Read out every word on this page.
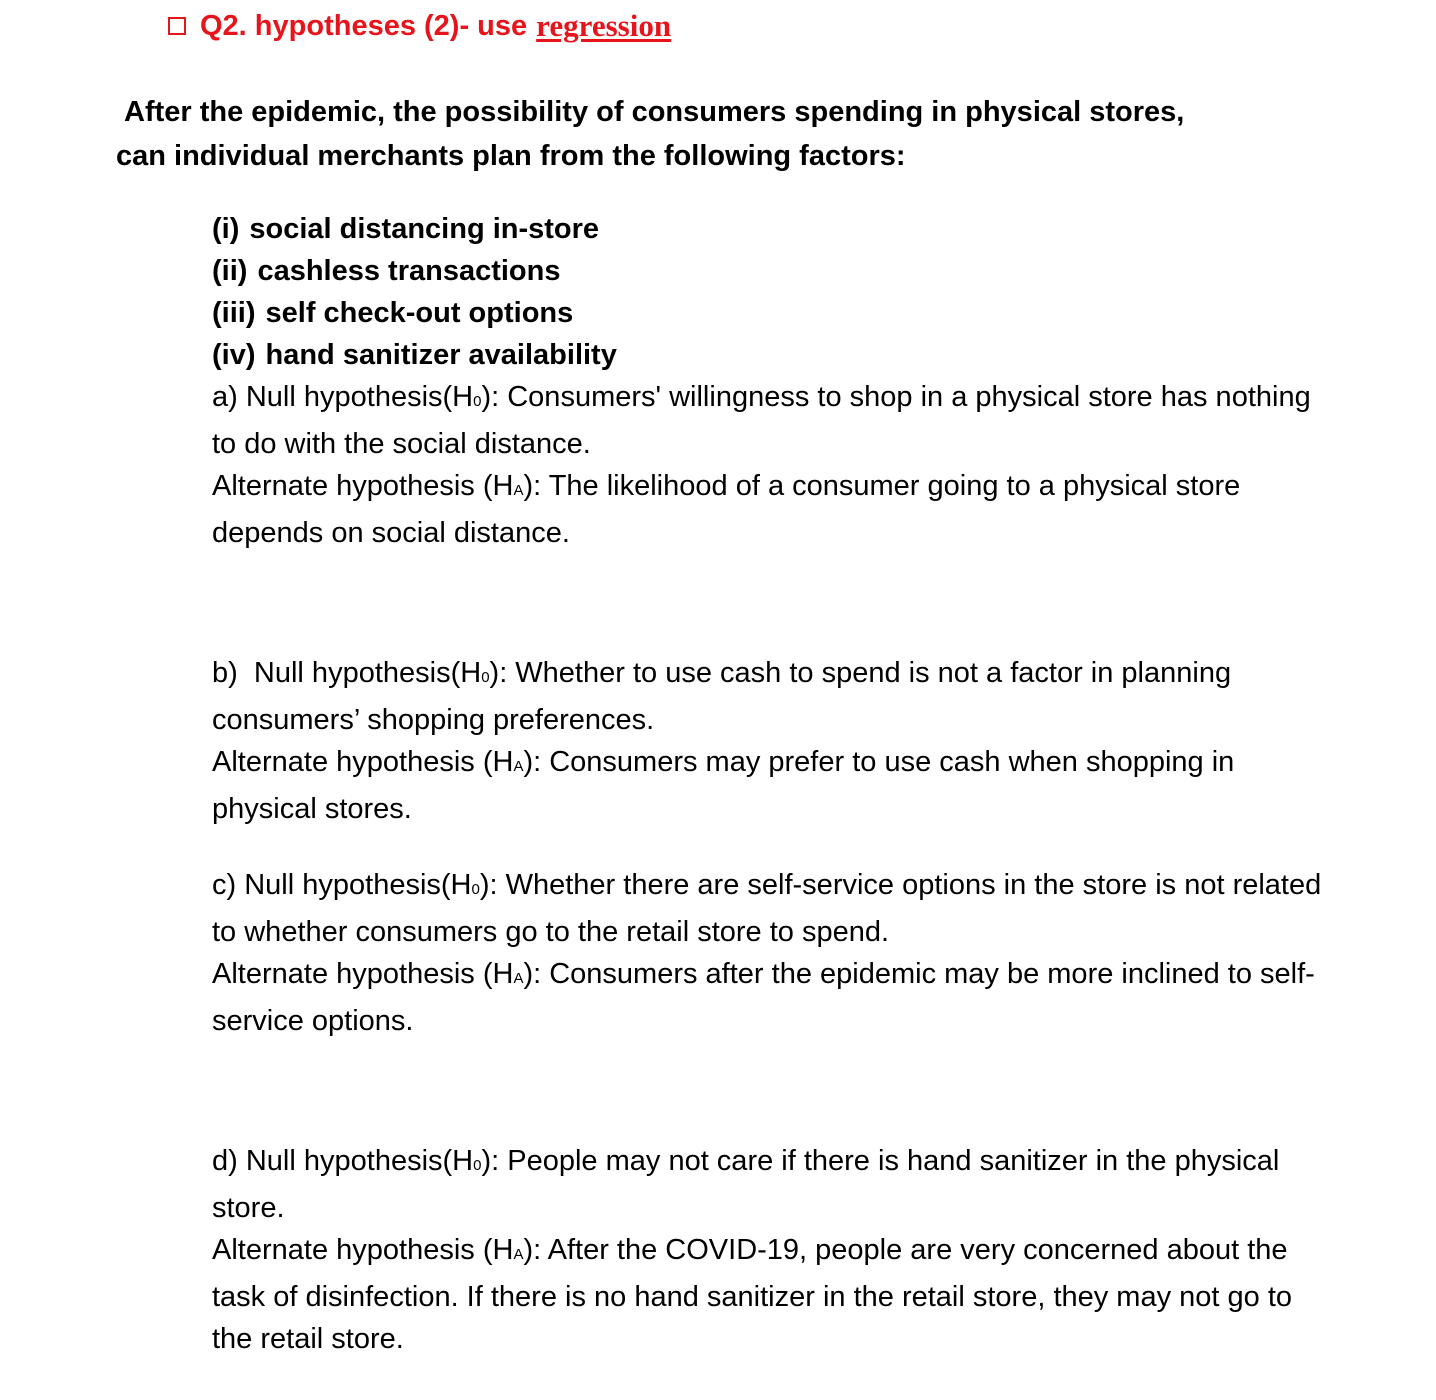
Q2. hypotheses (2)- use regression
After the epidemic, the possibility of consumers spending in physical stores,
can individual merchants plan from the following factors:
(i) social distancing in-store
(ii) cashless transactions
(iii) self check-out options
(iv) hand sanitizer availability

a) Null hypothesis(H0): Consumers' willingness to shop in a physical store has nothing to do with the social distance.

Alternate hypothesis (HA): The likelihood of a consumer going to a physical store depends on social distance.

b) Null hypothesis(H0): Whether to use cash to spend is not a factor in planning consumers’ shopping preferences.

Alternate hypothesis (HA): Consumers may prefer to use cash when shopping in physical stores.

c) Null hypothesis(H0): Whether there are self-service options in the store is not related to whether consumers go to the retail store to spend.

Alternate hypothesis (HA): Consumers after the epidemic may be more inclined to self-service options.

d) Null hypothesis(H0): People may not care if there is hand sanitizer in the physical store.

Alternate hypothesis (HA): After the COVID-19, people are very concerned about the task of disinfection. If there is no hand sanitizer in the retail store, they may not go to the retail store.
